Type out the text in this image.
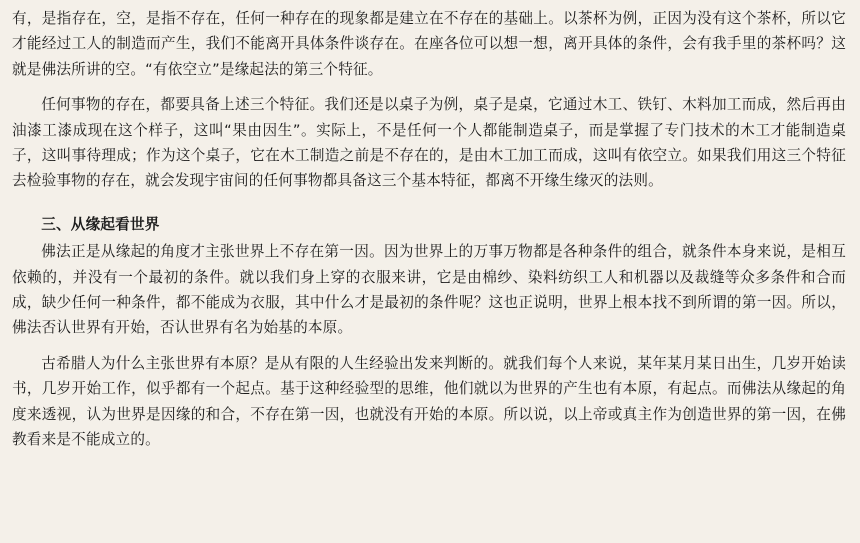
有，是指存在，空，是指不存在，任何一种存在的现象都是建立在不存在的基础上。以茶杯为例，正因为没有这个茶杯，所以它才能经过工人的制造而产生，我们不能离开具体条件谈存在。在座各位可以想一想，离开具体的条件，会有我手里的茶杯吗？这就是佛法所讲的空。“有依空立”是缘起法的第三个特征。

任何事物的存在，都要具备上述三个特征。我们还是以桌子为例，桌子是桌，它通过木工、铁钉、木料加工而成，然后再由油漆工漆成现在这个样子，这叫“果由因生”。实际上，不是任何一个人都能制造桌子，而是掌握了专门技术的木工才能制造桌子，这叫事待理成；作为这个桌子，它在木工制造之前是不存在的，是由木工加工而成，这叫有依空立。如果我们用这三个特征去检验事物的存在，就会发现宇宙间的任何事物都具备这三个基本特征，都离不开缘生缘灭的法则。

三、从缘起看世界

佛法正是从缘起的角度才主张世界上不存在第一因。因为世界上的万事万物都是各种条件的组合，就条件本身来说，是相互依赖的，并没有一个最初的条件。就以我们身上穿的衣服来讲，它是由棉纱、染料纺织工人和机器以及裁缝等众多条件和合而成，缺少任何一种条件，都不能成为衣服，其中什么才是最初的条件呢？这也正说明，世界上根本找不到所谓的第一因。所以，佛法否认世界有开始，否认世界有名为始基的本原。

古希腊人为什么主张世界有本原？是从有限的人生经验出发来判断的。就我们每个人来说，某年某月某日出生，几岁开始读书，几岁开始工作，似乎都有一个起点。基于这种经验型的思维，他们就以为世界的产生也有本原，有起点。而佛法从缘起的角度来透视，认为世界是因缘的和合，不存在第一因，也就没有开始的本原。所以说，以上帝或真主作为创造世界的第一因，在佛教看来是不能成立的。
